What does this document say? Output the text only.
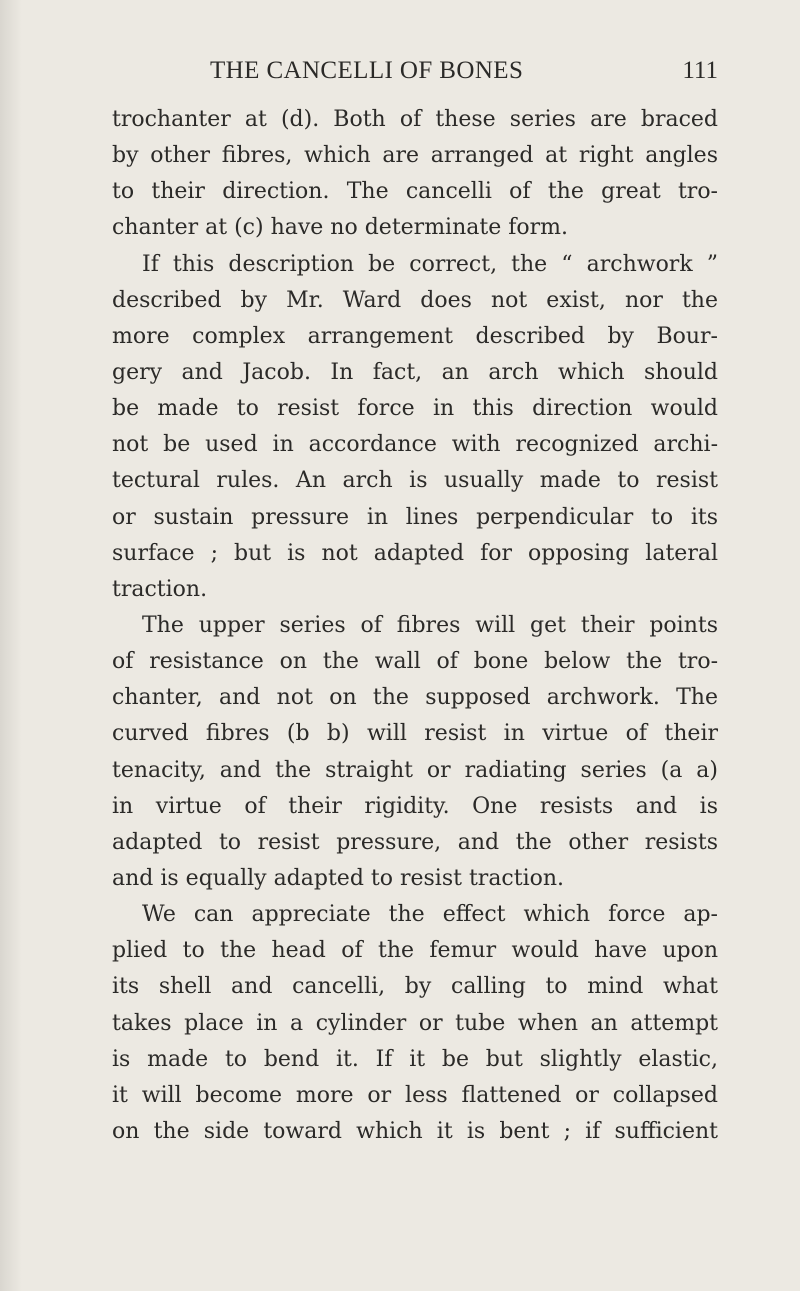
THE CANCELLI OF BONES	111
trochanter at (d). Both of these series are braced
by other fibres, which are arranged at right angles
to their direction. The cancelli of the great tro-
chanter at (c) have no determinate form.
If this description be correct, the “ archwork ”
described by Mr. Ward does not exist, nor the
more complex arrangement described by Bour-
gery and Jacob. In fact, an arch which should
be made to resist force in this direction would
not be used in accordance with recognized archi-
tectural rules. An arch is usually made to resist
or sustain pressure in lines perpendicular to its
surface ; but is not adapted for opposing lateral
traction.
The upper series of fibres will get their points
of resistance on the wall of bone below the tro-
chanter, and not on the supposed archwork. The
curved fibres (b b) will resist in virtue of their
tenacity, and the straight or radiating series (a a)
in virtue of their rigidity. One resists and is
adapted to resist pressure, and the other resists
and is equally adapted to resist traction.
We can appreciate the effect which force ap-
plied to the head of the femur would have upon
its shell and cancelli, by calling to mind what
takes place in a cylinder or tube when an attempt
is made to bend it. If it be but slightly elastic,
it will become more or less flattened or collapsed
on the side toward which it is bent ; if sufficient
